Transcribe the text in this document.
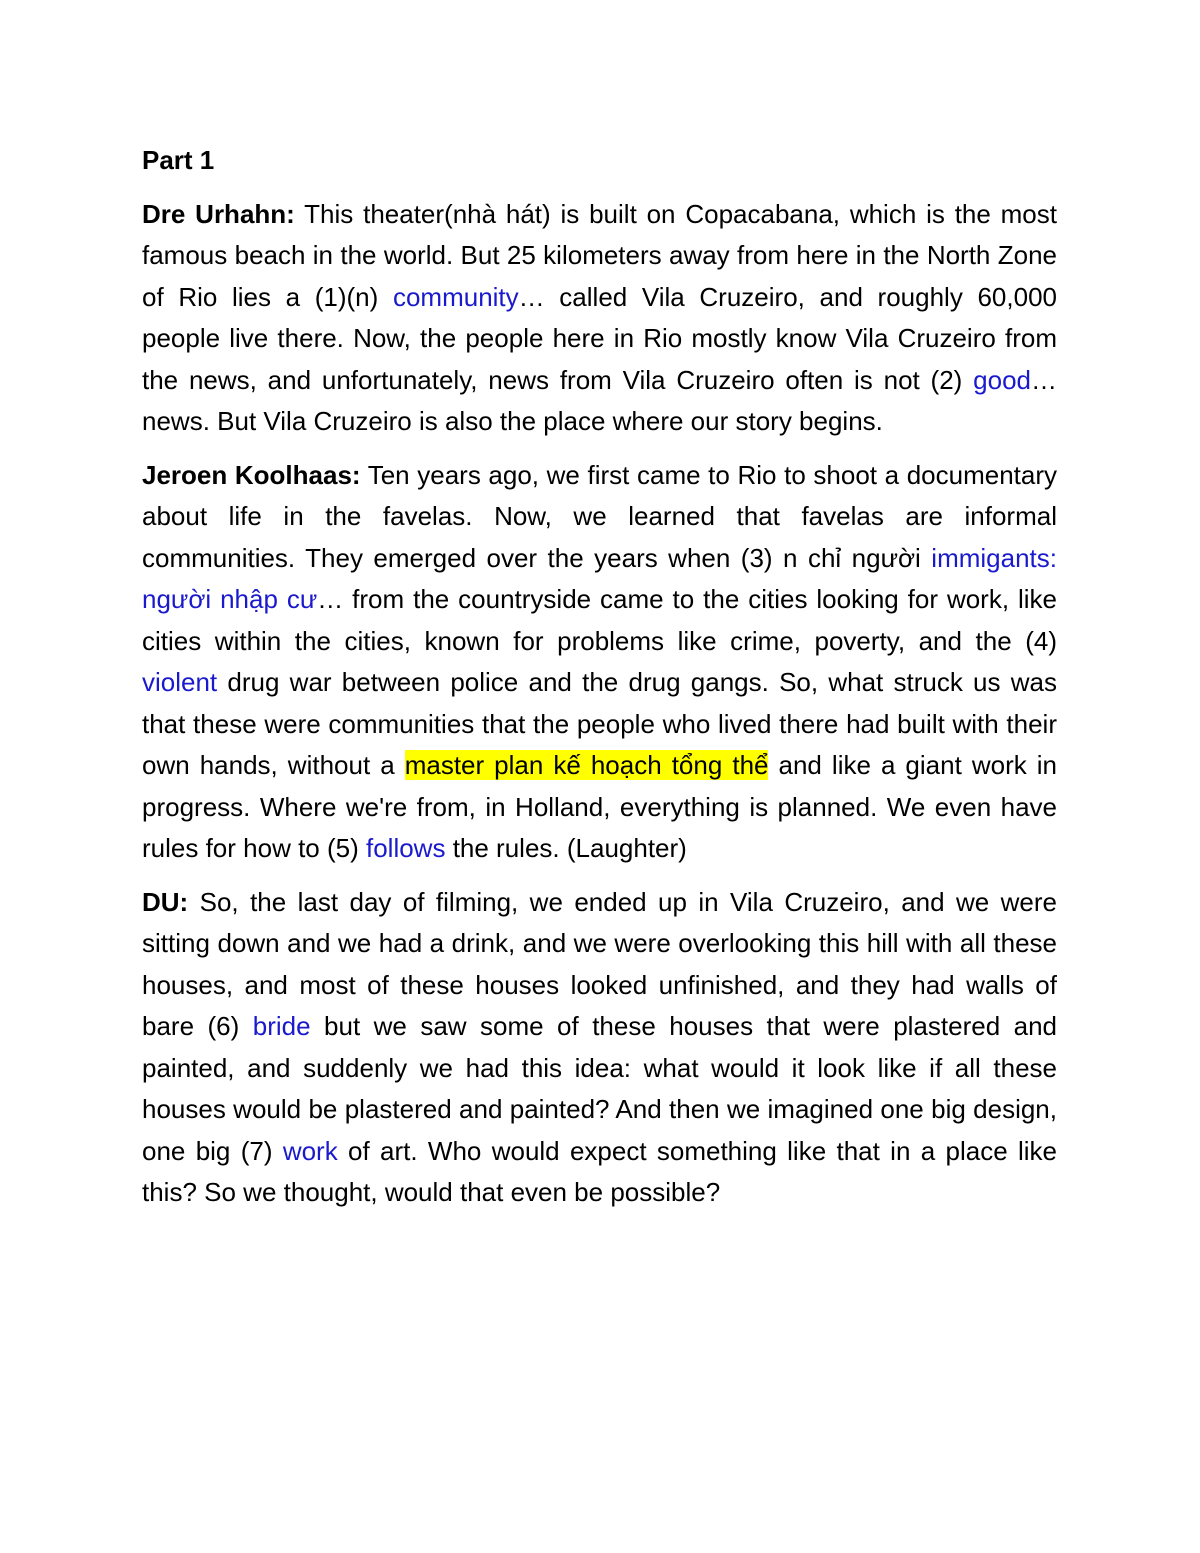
Part 1

Dre Urhahn: This theater(nhà hát) is built on Copacabana, which is the most famous beach in the world. But 25 kilometers away from here in the North Zone of Rio lies a (1)(n) community… called Vila Cruzeiro, and roughly 60,000 people live there. Now, the people here in Rio mostly know Vila Cruzeiro from the news, and unfortunately, news from Vila Cruzeiro often is not (2) good… news. But Vila Cruzeiro is also the place where our story begins.

Jeroen Koolhaas: Ten years ago, we first came to Rio to shoot a documentary about life in the favelas. Now, we learned that favelas are informal communities. They emerged over the years when (3) n chỉ người immigants: người nhập cư… from the countryside came to the cities looking for work, like cities within the cities, known for problems like crime, poverty, and the (4) violent drug war between police and the drug gangs. So, what struck us was that these were communities that the people who lived there had built with their own hands, without a master plan kế hoạch tổng thể and like a giant work in progress. Where we're from, in Holland, everything is planned. We even have rules for how to (5) follows the rules. (Laughter)

DU: So, the last day of filming, we ended up in Vila Cruzeiro, and we were sitting down and we had a drink, and we were overlooking this hill with all these houses, and most of these houses looked unfinished, and they had walls of bare (6) bride but we saw some of these houses that were plastered and painted, and suddenly we had this idea: what would it look like if all these houses would be plastered and painted? And then we imagined one big design, one big (7) work of art. Who would expect something like that in a place like this? So we thought, would that even be possible?
